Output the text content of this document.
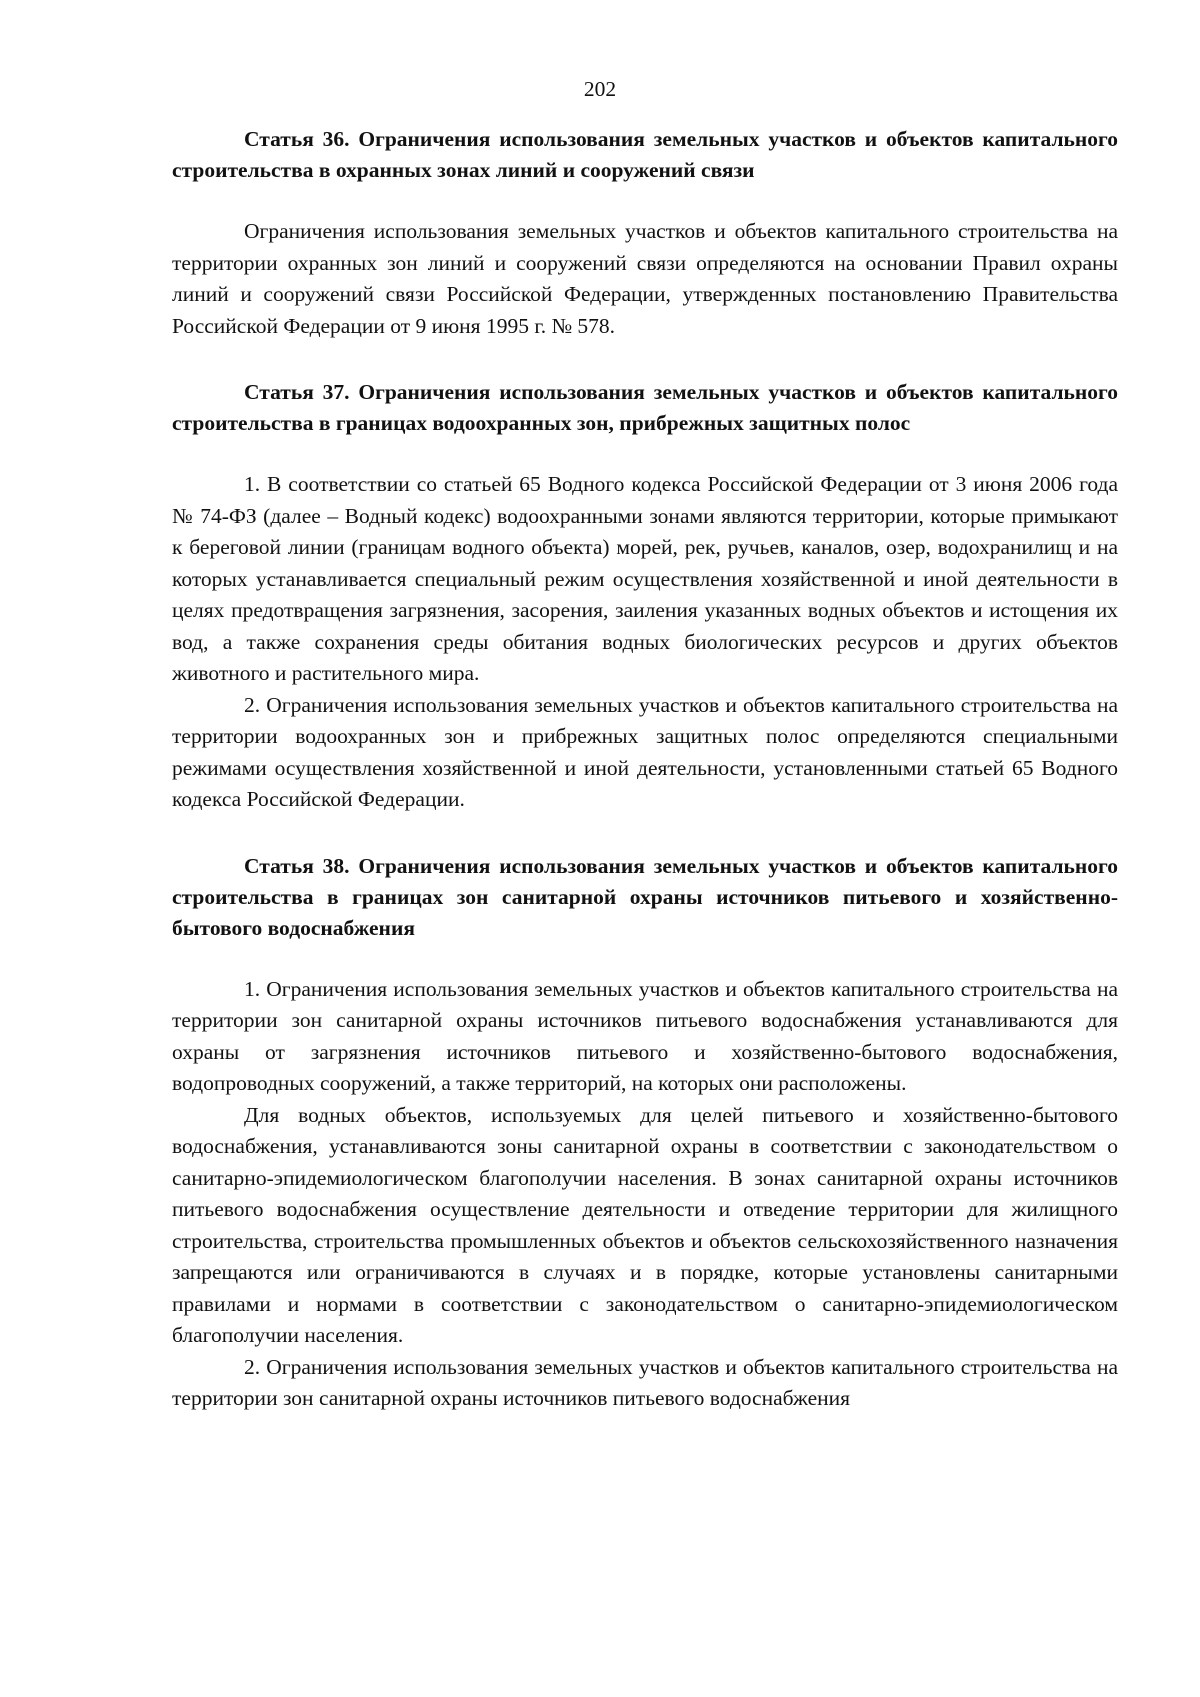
202

Статья 36. Ограничения использования земельных участков и объектов капитального строительства в охранных зонах линий и сооружений связи

Ограничения использования земельных участков и объектов капитального строительства на территории охранных зон линий и сооружений связи определяются на основании Правил охраны линий и сооружений связи Российской Федерации, утвержденных постановлению Правительства Российской Федерации от 9 июня 1995 г. № 578.

Статья 37. Ограничения использования земельных участков и объектов капитального строительства в границах водоохранных зон, прибрежных защитных полос

1. В соответствии со статьей 65 Водного кодекса Российской Федерации от 3 июня 2006 года № 74-ФЗ (далее – Водный кодекс) водоохранными зонами являются территории, которые примыкают к береговой линии (границам водного объекта) морей, рек, ручьев, каналов, озер, водохранилищ и на которых устанавливается специальный режим осуществления хозяйственной и иной деятельности в целях предотвращения загрязнения, засорения, заиления указанных водных объектов и истощения их вод, а также сохранения среды обитания водных биологических ресурсов и других объектов животного и растительного мира.

2. Ограничения использования земельных участков и объектов капитального строительства на территории водоохранных зон и прибрежных защитных полос определяются специальными режимами осуществления хозяйственной и иной деятельности, установленными статьей 65 Водного кодекса Российской Федерации.

Статья 38. Ограничения использования земельных участков и объектов капитального строительства в границах зон санитарной охраны источников питьевого и хозяйственно-бытового водоснабжения

1. Ограничения использования земельных участков и объектов капитального строительства на территории зон санитарной охраны источников питьевого водоснабжения устанавливаются для охраны от загрязнения источников питьевого и хозяйственно-бытового водоснабжения, водопроводных сооружений, а также территорий, на которых они расположены.

Для водных объектов, используемых для целей питьевого и хозяйственно-бытового водоснабжения, устанавливаются зоны санитарной охраны в соответствии с законодательством о санитарно-эпидемиологическом благополучии населения. В зонах санитарной охраны источников питьевого водоснабжения осуществление деятельности и отведение территории для жилищного строительства, строительства промышленных объектов и объектов сельскохозяйственного назначения запрещаются или ограничиваются в случаях и в порядке, которые установлены санитарными правилами и нормами в соответствии с законодательством о санитарно-эпидемиологическом благополучии населения.

2. Ограничения использования земельных участков и объектов капитального строительства на территории зон санитарной охраны источников питьевого водоснабжения
